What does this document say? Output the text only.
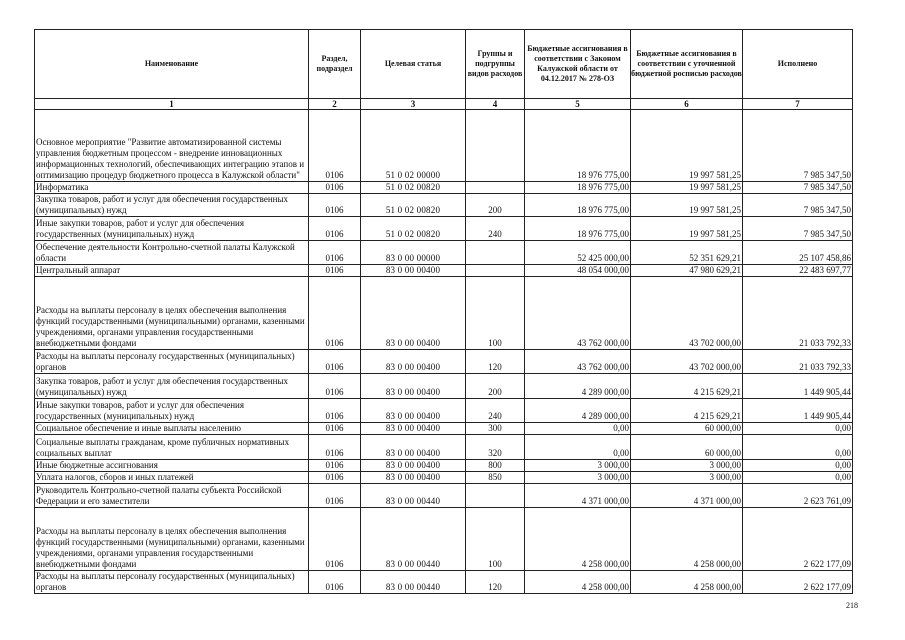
Наименование	Раздел, подраздел	Целевая статья	Группы и подгруппы видов расходов	Бюджетные ассигнования в соответствии с Законом Калужской области от 04.12.2017 № 278-ОЗ	Бюджетные ассигнования в соответствии с уточненной бюджетной росписью расходов	Исполнено
1	2	3	4	5	6	7
Основное мероприятие "Развитие автоматизированной системы управления бюджетным процессом - внедрение инновационных информационных технологий, обеспечивающих интеграцию этапов и оптимизацию процедур бюджетного процесса в Калужской области"	0106	51 0 02 00000		18 976 775,00	19 997 581,25	7 985 347,50
Информатика	0106	51 0 02 00820		18 976 775,00	19 997 581,25	7 985 347,50
Закупка товаров, работ и услуг для обеспечения государственных (муниципальных) нужд	0106	51 0 02 00820	200	18 976 775,00	19 997 581,25	7 985 347,50
Иные закупки товаров, работ и услуг для обеспечения государственных (муниципальных) нужд	0106	51 0 02 00820	240	18 976 775,00	19 997 581,25	7 985 347,50
Обеспечение деятельности Контрольно-счетной палаты Калужской области	0106	83 0 00 00000		52 425 000,00	52 351 629,21	25 107 458,86
Центральный аппарат	0106	83 0 00 00400		48 054 000,00	47 980 629,21	22 483 697,77
Расходы на выплаты персоналу в целях обеспечения выполнения функций государственными (муниципальными) органами, казенными учреждениями, органами управления государственными внебюджетными фондами	0106	83 0 00 00400	100	43 762 000,00	43 702 000,00	21 033 792,33
Расходы на выплаты персоналу государственных (муниципальных) органов	0106	83 0 00 00400	120	43 762 000,00	43 702 000,00	21 033 792,33
Закупка товаров, работ и услуг для обеспечения государственных (муниципальных) нужд	0106	83 0 00 00400	200	4 289 000,00	4 215 629,21	1 449 905,44
Иные закупки товаров, работ и услуг для обеспечения государственных (муниципальных) нужд	0106	83 0 00 00400	240	4 289 000,00	4 215 629,21	1 449 905,44
Социальное обеспечение и иные выплаты населению	0106	83 0 00 00400	300	0,00	60 000,00	0,00
Социальные выплаты гражданам, кроме публичных нормативных социальных выплат	0106	83 0 00 00400	320	0,00	60 000,00	0,00
Иные бюджетные ассигнования	0106	83 0 00 00400	800	3 000,00	3 000,00	0,00
Уплата налогов, сборов и иных платежей	0106	83 0 00 00400	850	3 000,00	3 000,00	0,00
Руководитель Контрольно-счетной палаты субъекта Российской Федерации и его заместители	0106	83 0 00 00440		4 371 000,00	4 371 000,00	2 623 761,09
Расходы на выплаты персоналу в целях обеспечения выполнения функций государственными (муниципальными) органами, казенными учреждениями, органами управления государственными внебюджетными фондами	0106	83 0 00 00440	100	4 258 000,00	4 258 000,00	2 622 177,09
Расходы на выплаты персоналу государственных (муниципальных) органов	0106	83 0 00 00440	120	4 258 000,00	4 258 000,00	2 622 177,09
218
